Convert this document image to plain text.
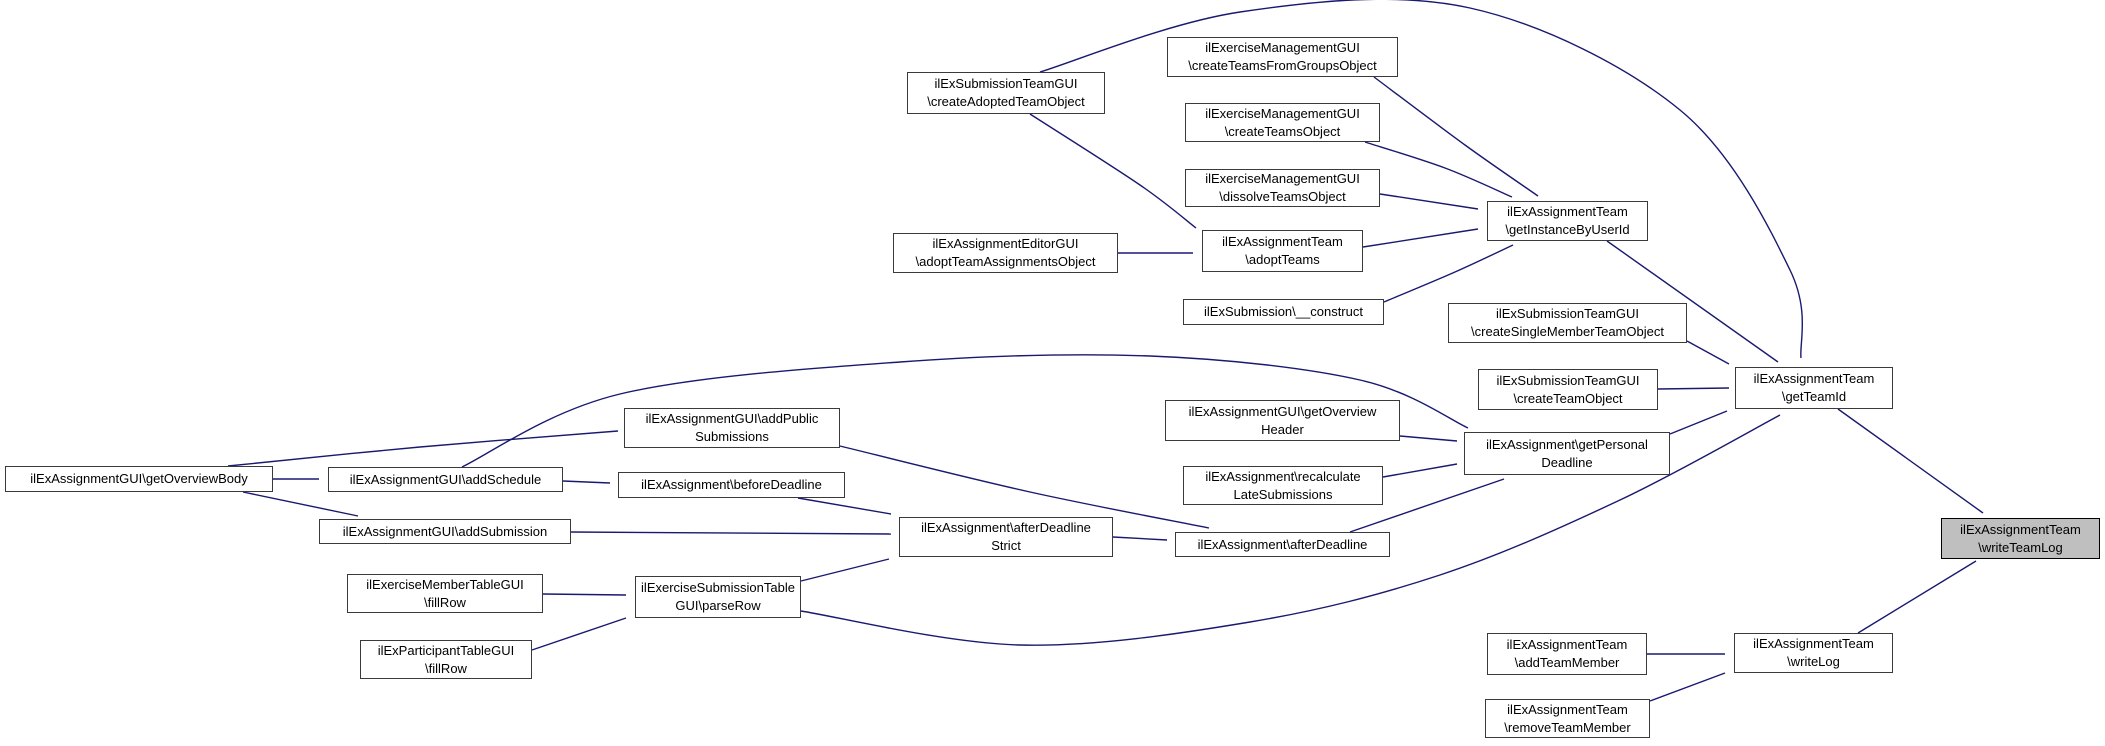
ilExSubmissionTeamGUI
\createAdoptedTeamObject
ilExerciseManagementGUI
\createTeamsFromGroupsObject
ilExerciseManagementGUI
\createTeamsObject
ilExerciseManagementGUI
\dissolveTeamsObject
ilExAssignmentTeam
\getInstanceByUserId
ilExAssignmentEditorGUI
\adoptTeamAssignmentsObject
ilExAssignmentTeam
\adoptTeams
ilExSubmission\__construct	ilExSubmissionTeamGUI
\createSingleMemberTeamObject
ilExSubmissionTeamGUI
\createTeamObject
ilExAssignmentTeam
\getTeamId
ilExAssignmentGUI\getOverview
Header
ilExAssignment\getPersonal
Deadline
ilExAssignment\recalculate
LateSubmissions
ilExAssignment\afterDeadline
ilExAssignmentTeam
\writeTeamLog
ilExAssignmentGUI\addPublic
Submissions
ilExAssignmentGUI\getOverviewBody	ilExAssignmentGUI\addSchedule	ilExAssignment\beforeDeadline
ilExAssignmentGUI\addSubmission	ilExAssignment\afterDeadline
Strict
ilExerciseMemberTableGUI
\fillRow
ilExerciseSubmissionTable
GUI\parseRow
ilExParticipantTableGUI
\fillRow
ilExAssignmentTeam
\addTeamMember
ilExAssignmentTeam
\writeLog
ilExAssignmentTeam
\removeTeamMember
